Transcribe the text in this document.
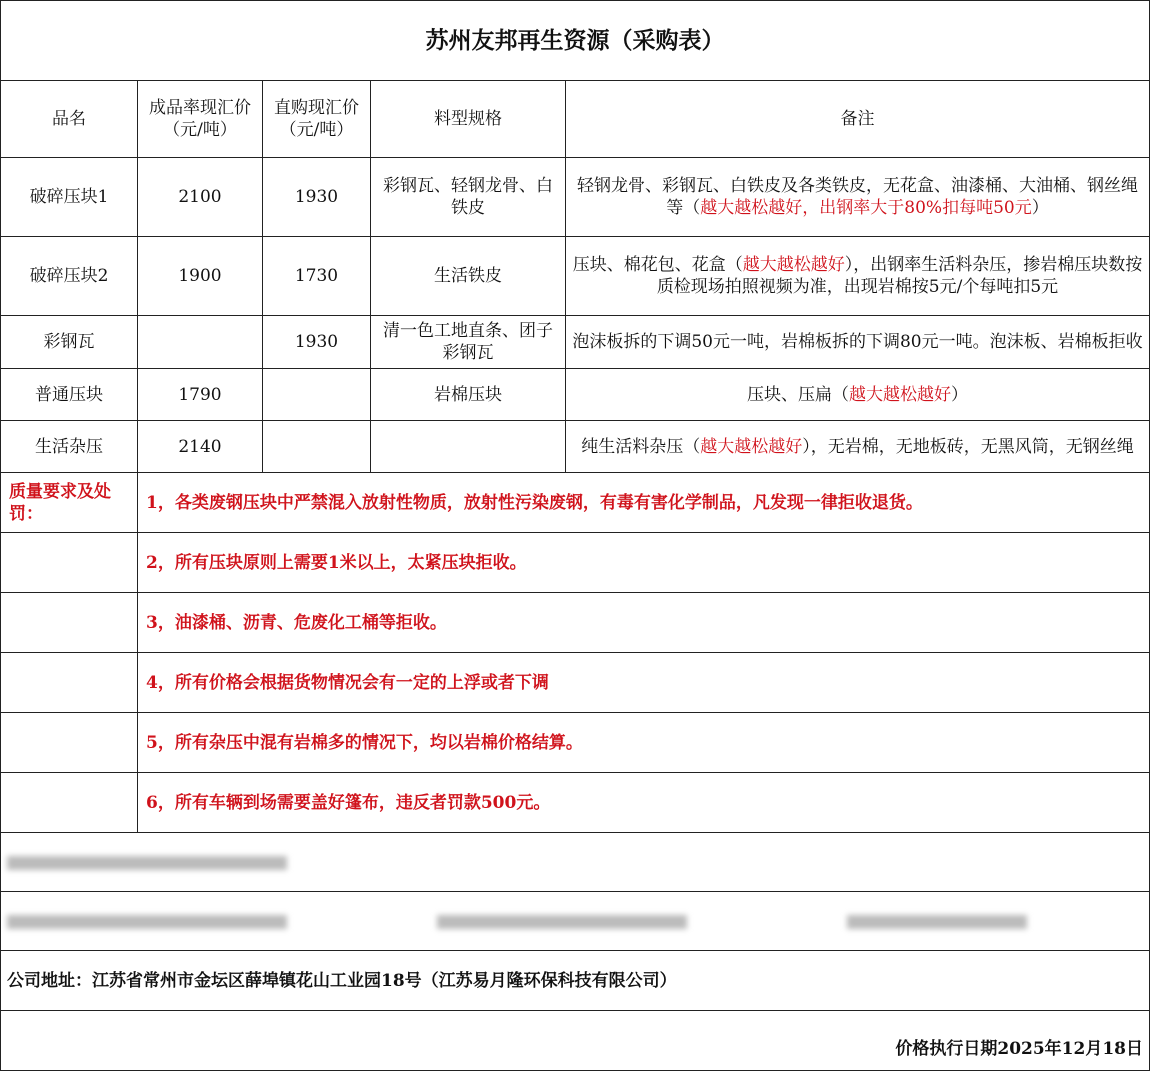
苏州友邦再生资源（采购表）				
品名	成品率现汇价（元/吨）	直购现汇价（元/吨）	料型规格	备注
破碎压块1	2100	1930	彩钢瓦、轻钢龙骨、白铁皮	轻钢龙骨、彩钢瓦、白铁皮及各类铁皮，无花盒、油漆桶、大油桶、钢丝绳等（越大越松越好，出钢率大于80%扣每吨50元）
破碎压块2	1900	1730	生活铁皮	压块、棉花包、花盒（越大越松越好），出钢率生活料杂压，掺岩棉压块数按质检现场拍照视频为准，出现岩棉按5元/个每吨扣5元
彩钢瓦		1930	清一色工地直条、团子彩钢瓦	泡沫板拆的下调50元一吨，岩棉板拆的下调80元一吨。泡沫板、岩棉板拒收
普通压块	1790		岩棉压块	压块、压扁（越大越松越好）
生活杂压	2140			纯生活料杂压（越大越松越好），无岩棉，无地板砖，无黑风筒，无钢丝绳
质量要求及处罚：	1，各类废钢压块中严禁混入放射性物质，放射性污染废钢，有毒有害化学制品，凡发现一律拒收退货。			
	2，所有压块原则上需要1米以上，太紧压块拒收。			
	3，油漆桶、沥青、危废化工桶等拒收。			
	4，所有价格会根据货物情况会有一定的上浮或者下调			
	5，所有杂压中混有岩棉多的情况下，均以岩棉价格结算。			
	6，所有车辆到场需要盖好篷布，违反者罚款500元。			

公司地址：江苏省常州市金坛区薛埠镇花山工业园18号（江苏易月隆环保科技有限公司）				
价格执行日期2025年12月18日				
